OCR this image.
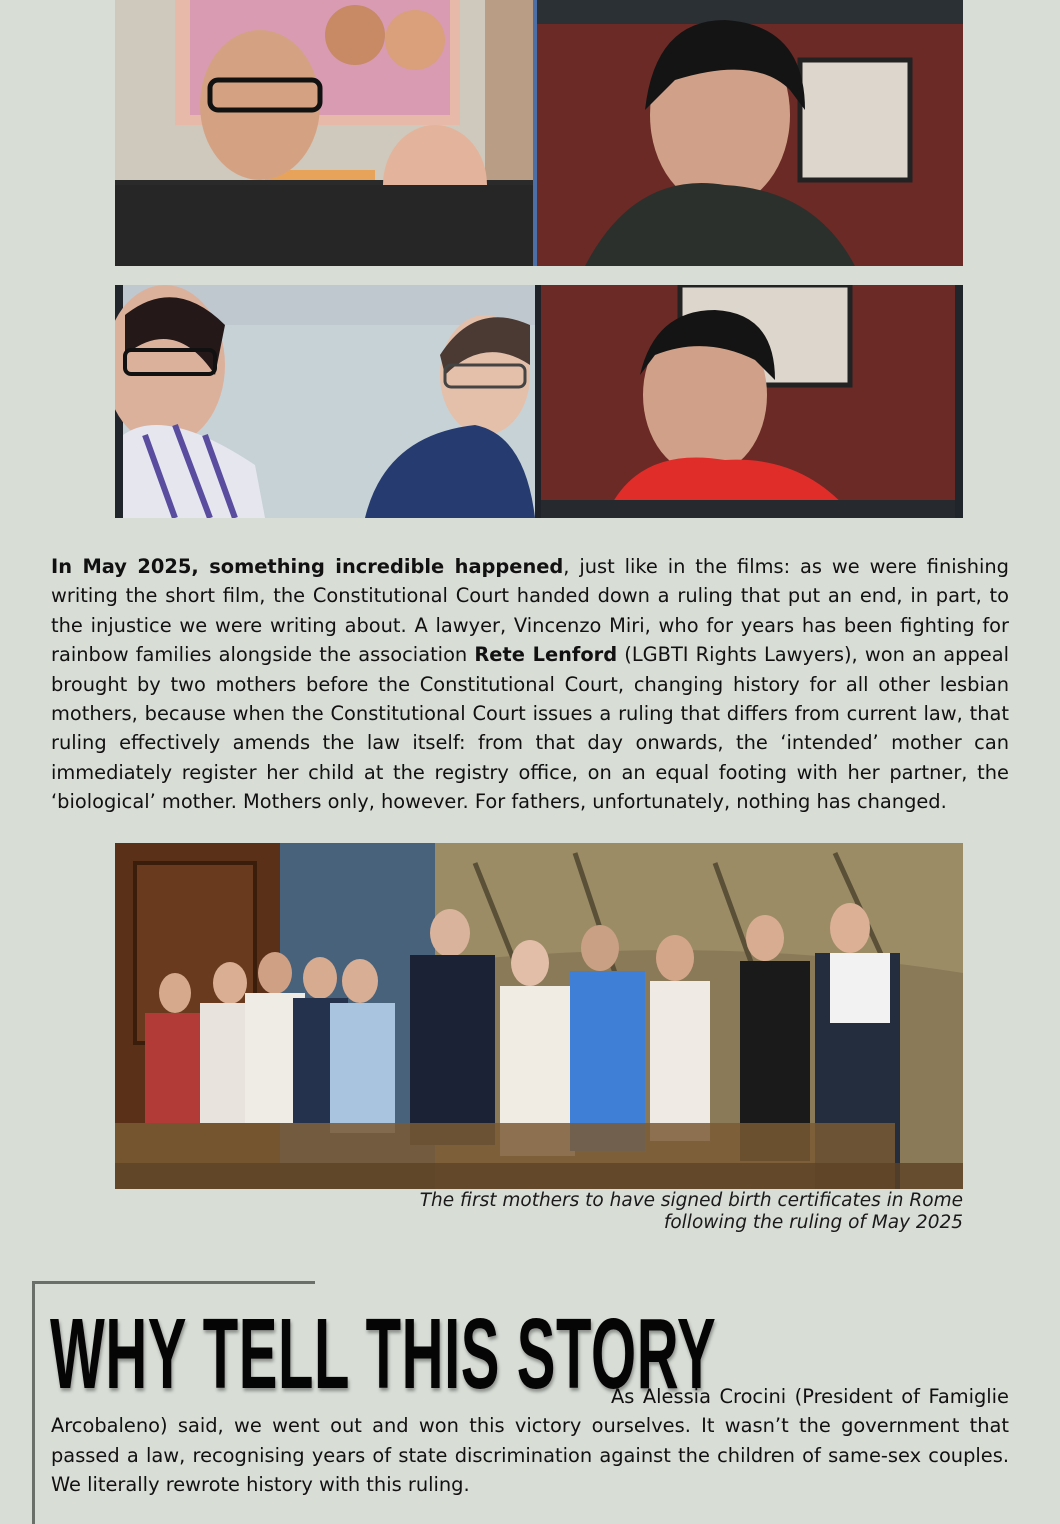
In May 2025, something incredible happened, just like in the films: as we were finishing writing the short film, the Constitutional Court handed down a ruling that put an end, in part, to the injustice we were writing about. A lawyer, Vincenzo Miri, who for years has been fighting for rainbow families alongside the association Rete Lenford (LGBTI Rights Lawyers), won an appeal brought by two mothers before the Constitutional Court, changing history for all other lesbian mothers, because when the Constitutional Court issues a ruling that differs from current law, that ruling effectively amends the law itself: from that day onwards, the ‘intended’ mother can immediately register her child at the registry office, on an equal footing with her partner, the ‘biological’ mother. Mothers only, however. For fathers, unfortunately, nothing has changed.
The first mothers to have signed birth certificates in Rome
following the ruling of May 2025
WHY TELL THIS STORY
As Alessia Crocini (President of Famiglie Arcobaleno) said, we went out and won this victory ourselves. It wasn’t the government that passed a law, recognising years of state discrimination against the children of same-sex couples. We literally rewrote history with this ruling.
